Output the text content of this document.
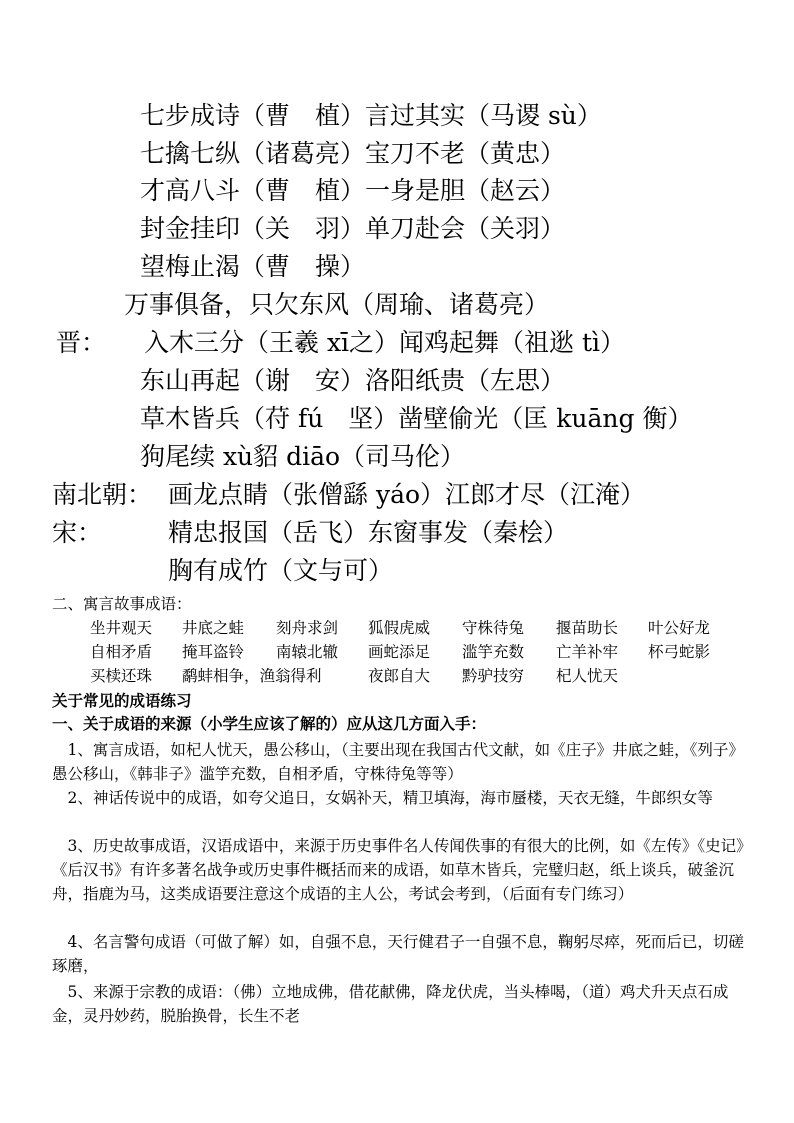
七步成诗（曹　植）言过其实（马谡 sù）
七擒七纵（诸葛亮）宝刀不老（黄忠）
才高八斗（曹　植）一身是胆（赵云）
封金挂印（关　羽）单刀赴会（关羽）
望梅止渴（曹　操）
万事俱备，只欠东风（周瑜、诸葛亮）
晋： 入木三分（王羲 xī之）闻鸡起舞（祖逖 tì）
东山再起（谢　安）洛阳纸贵（左思）
草木皆兵（苻 fú　坚）凿壁偷光（匡 kuāng 衡）
狗尾续 xù貂 diāo（司马伦）
南北朝： 画龙点睛（张僧繇 yáo）江郎才尽（江淹）
宋：	精忠报国（岳飞）东窗事发（秦桧）
胸有成竹（文与可）
二、寓言故事成语：
坐井观天 井底之蛙 刻舟求剑 狐假虎威 守株待兔 揠苗助长 叶公好龙
自相矛盾 掩耳盗铃 南辕北辙 画蛇添足 滥竽充数 亡羊补牢 杯弓蛇影
买椟还珠 鹬蚌相争，渔翁得利	夜郎自大 黔驴技穷 杞人忧天
关于常见的成语练习
一、关于成语的来源（小学生应该了解的）应从这几方面入手：
　1、寓言成语，如杞人忧天，愚公移山，（主要出现在我国古代文献，如《庄子》井底之蛙，《列子》愚公移山，《韩非子》滥竽充数，自相矛盾，守株待兔等等）
　2、神话传说中的成语，如夸父追日，女娲补天，精卫填海，海市蜃楼，天衣无缝，牛郎织女等
　3、历史故事成语，汉语成语中，来源于历史事件名人传闻佚事的有很大的比例，如《左传》《史记》《后汉书》有许多著名战争或历史事件概括而来的成语，如草木皆兵，完璧归赵，纸上谈兵，破釜沉舟，指鹿为马，这类成语要注意这个成语的主人公，考试会考到，（后面有专门练习）
　4、名言警句成语（可做了解）如，自强不息，天行健君子一自强不息，鞠躬尽瘁，死而后已，切磋琢磨，
　5、来源于宗教的成语：（佛）立地成佛，借花献佛，降龙伏虎，当头棒喝，（道）鸡犬升天点石成金，灵丹妙药，脱胎换骨，长生不老
